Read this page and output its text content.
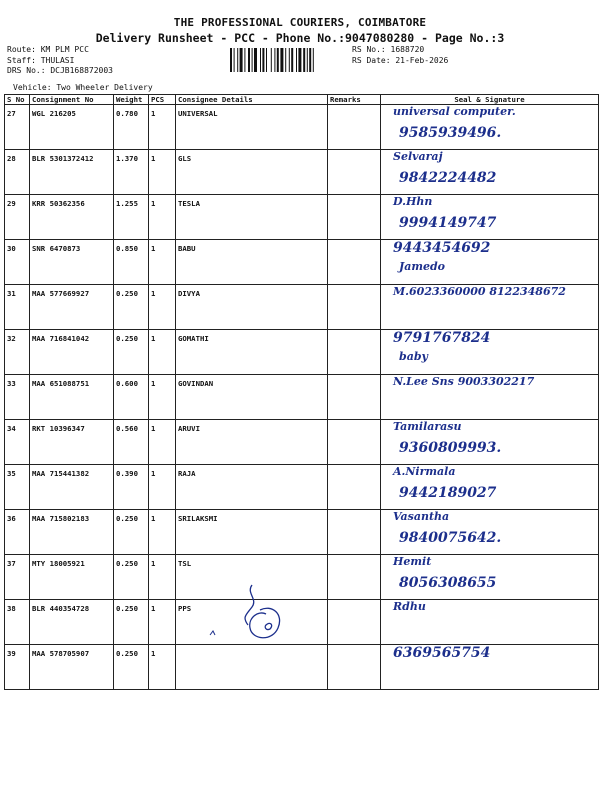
THE PROFESSIONAL COURIERS, COIMBATORE
Delivery Runsheet - PCC - Phone No.:9047080280 - Page No.:3
Route: KM PLM PCC
Staff: THULASI
DRS No.: DCJB168872003
RS No.: 1688720
RS Date: 21-Feb-2026
Vehicle: Two Wheeler Delivery
S No	Consignment No	Weight	PCS	Consignee Details	Remarks	Seal & Signature
27	WGL 216205	0.780	1	UNIVERSAL		universal computer.
9585939496.

28	BLR 5301372412	1.370	1	GLS		Selvaraj
9842224482

29	KRR 50362356	1.255	1	TESLA		D.Hhn
9994149747

30	SNR 6470873	0.850	1	BABU		9443454692
Jamedo

31	MAA 577669927	0.250	1	DIVYA		M.6023360000 8122348672

32	MAA 716841042	0.250	1	GOMATHI		9791767824
baby

33	MAA 651088751	0.600	1	GOVINDAN		N.Lee Sns 9003302217

34	RKT 10396347	0.560	1	ARUVI		Tamilarasu
9360809993.

35	MAA 715441382	0.390	1	RAJA		A.Nirmala
9442189027

36	MAA 715802183	0.250	1	SRILAKSMI		Vasantha
9840075642.

37	MTY 18005921	0.250	1	TSL		Hemit
8056308655

38	BLR 440354728	0.250	1	PPS		Rdhu

39	MAA 578705907	0.250	1			6369565754
